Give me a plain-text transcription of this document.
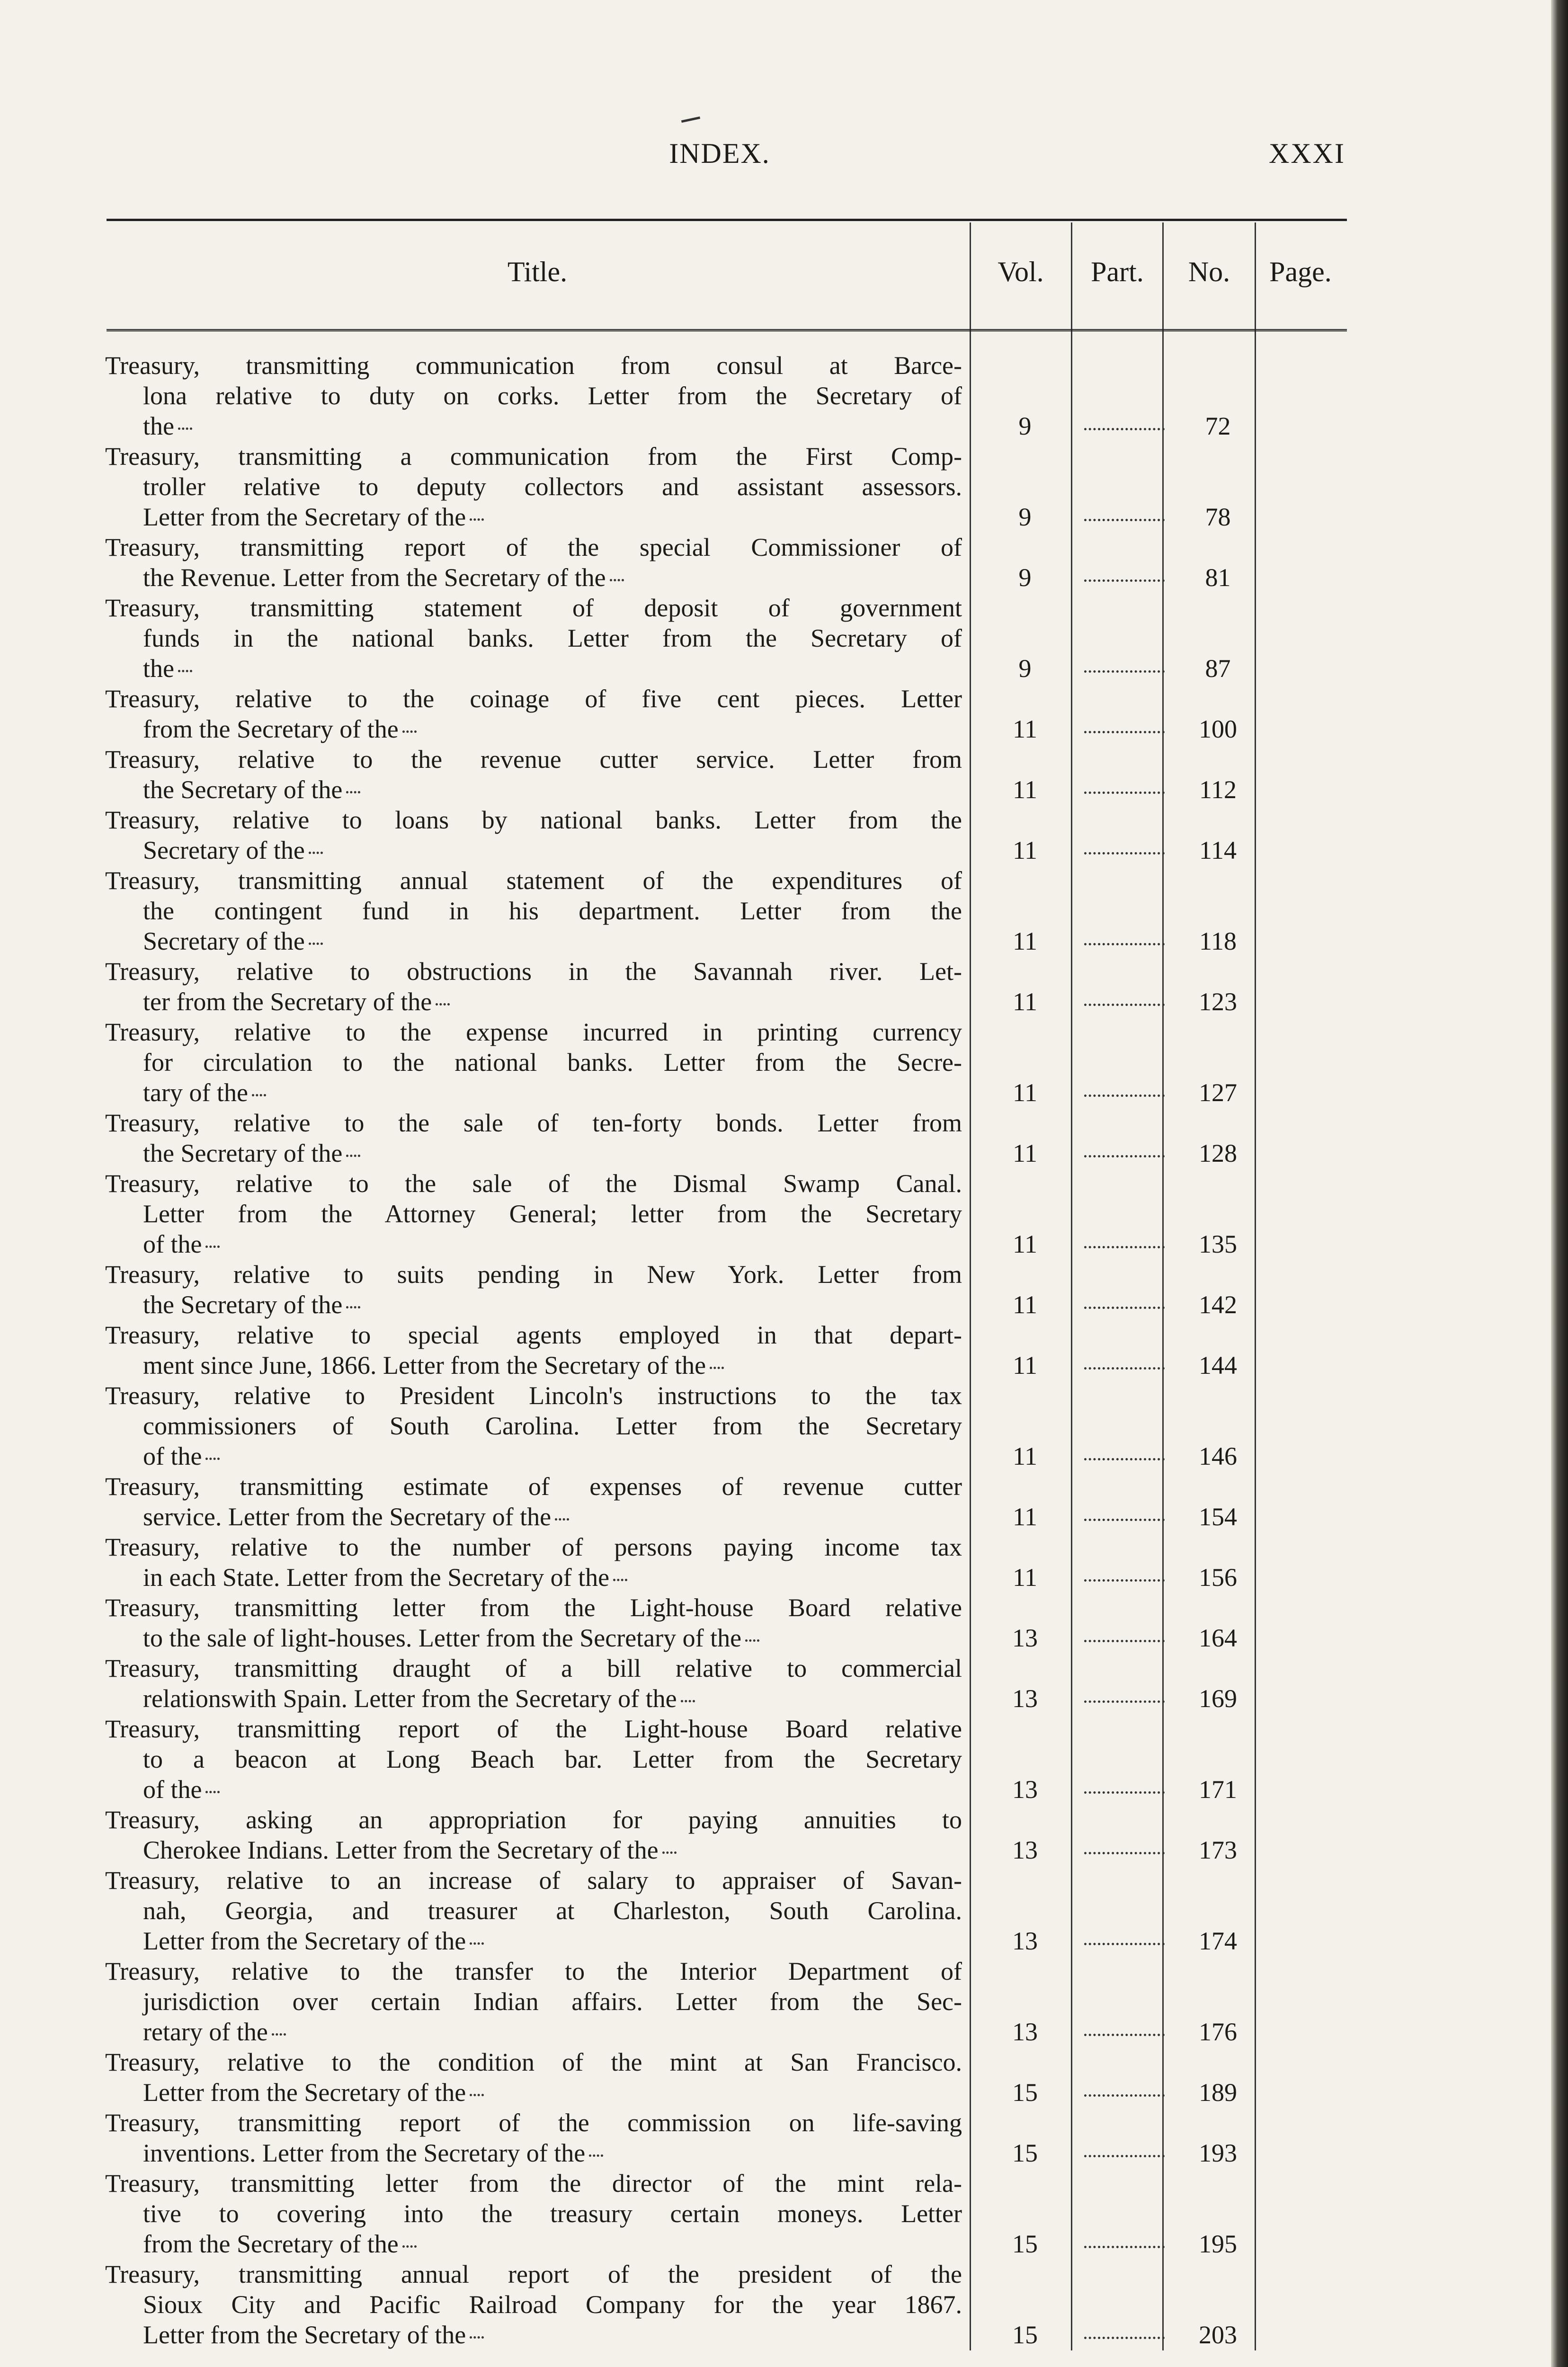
INDEX.	XXXI
Title.	Vol.	Part.	No.	Page.
Treasury, transmitting communication from consul at Barce-
lona relative to duty on corks. Letter from the Secretary of
the	9	72
Treasury, transmitting a communication from the First Comp-
troller relative to deputy collectors and assistant assessors.
Letter from the Secretary of the	9	78
Treasury, transmitting report of the special Commissioner of
the Revenue. Letter from the Secretary of the	9	81
Treasury, transmitting statement of deposit of government
funds in the national banks. Letter from the Secretary of
the	9	87
Treasury, relative to the coinage of five cent pieces. Letter
from the Secretary of the	11	100
Treasury, relative to the revenue cutter service. Letter from
the Secretary of the	11	112
Treasury, relative to loans by national banks. Letter from the
Secretary of the	11	114
Treasury, transmitting annual statement of the expenditures of
the contingent fund in his department. Letter from the
Secretary of the	11	118
Treasury, relative to obstructions in the Savannah river. Let-
ter from the Secretary of the	11	123
Treasury, relative to the expense incurred in printing currency
for circulation to the national banks. Letter from the Secre-
tary of the	11	127
Treasury, relative to the sale of ten-forty bonds. Letter from
the Secretary of the	11	128
Treasury, relative to the sale of the Dismal Swamp Canal.
Letter from the Attorney General; letter from the Secretary
of the	11	135
Treasury, relative to suits pending in New York. Letter from
the Secretary of the	11	142
Treasury, relative to special agents employed in that depart-
ment since June, 1866. Letter from the Secretary of the	11	144
Treasury, relative to President Lincoln's instructions to the tax
commissioners of South Carolina. Letter from the Secretary
of the	11	146
Treasury, transmitting estimate of expenses of revenue cutter
service. Letter from the Secretary of the	11	154
Treasury, relative to the number of persons paying income tax
in each State. Letter from the Secretary of the	11	156
Treasury, transmitting letter from the Light-house Board relative
to the sale of light-houses. Letter from the Secretary of the	13	164
Treasury, transmitting draught of a bill relative to commercial
relationswith Spain. Letter from the Secretary of the	13	169
Treasury, transmitting report of the Light-house Board relative
to a beacon at Long Beach bar. Letter from the Secretary
of the	13	171
Treasury, asking an appropriation for paying annuities to
Cherokee Indians. Letter from the Secretary of the	13	173
Treasury, relative to an increase of salary to appraiser of Savan-
nah, Georgia, and treasurer at Charleston, South Carolina.
Letter from the Secretary of the	13	174
Treasury, relative to the transfer to the Interior Department of
jurisdiction over certain Indian affairs. Letter from the Sec-
retary of the	13	176
Treasury, relative to the condition of the mint at San Francisco.
Letter from the Secretary of the	15	189
Treasury, transmitting report of the commission on life-saving
inventions. Letter from the Secretary of the	15	193
Treasury, transmitting letter from the director of the mint rela-
tive to covering into the treasury certain moneys. Letter
from the Secretary of the	15	195
Treasury, transmitting annual report of the president of the
Sioux City and Pacific Railroad Company for the year 1867.
Letter from the Secretary of the	15	203
